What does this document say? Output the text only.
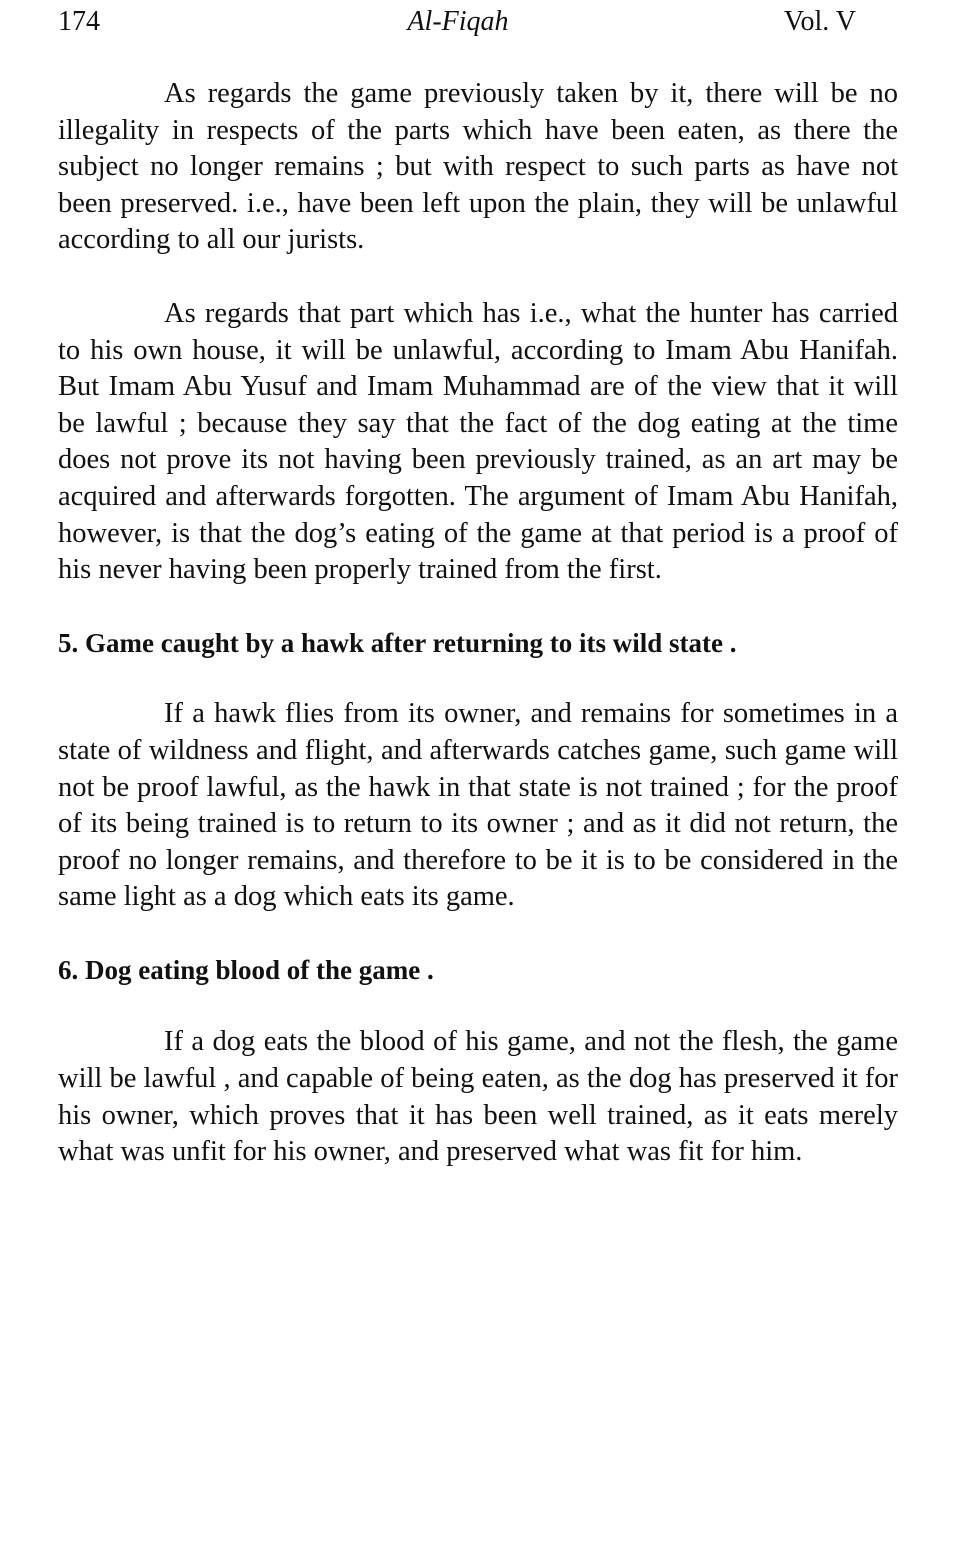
174	Al-Fiqah	Vol. V

As regards the game previously taken by it, there will be no illegality in respects of the parts which have been eaten, as there the subject no longer remains ; but with respect to such parts as have not been preserved. i.e., have been left upon the plain, they will be unlawful according to all our jurists.

As regards that part which has i.e., what the hunter has carried to his own house, it will be unlawful, according to Imam Abu Hanifah. But Imam Abu Yusuf and Imam Muhammad are of the view that it will be lawful ; because they say that the fact of the dog eating at the time does not prove its not having been previously trained, as an art may be acquired and afterwards forgotten. The argument of Imam Abu Hanifah, however, is that the dog’s eating of the game at that period is a proof of his never having been properly trained from the first.

5. Game caught by a hawk after returning to its wild state .

If a hawk flies from its owner, and remains for sometimes in a state of wildness and flight, and afterwards catches game, such game will not be proof lawful, as the hawk in that state is not trained ; for the proof of its being trained is to return to its owner ; and as it did not return, the proof no longer remains, and therefore to be it is to be considered in the same light as a dog which eats its game.

6. Dog eating blood of the game .

If a dog eats the blood of his game, and not the flesh, the game will be lawful , and capable of being eaten, as the dog has preserved it for his owner, which proves that it has been well trained, as it eats merely what was unfit for his owner, and preserved what was fit for him.
